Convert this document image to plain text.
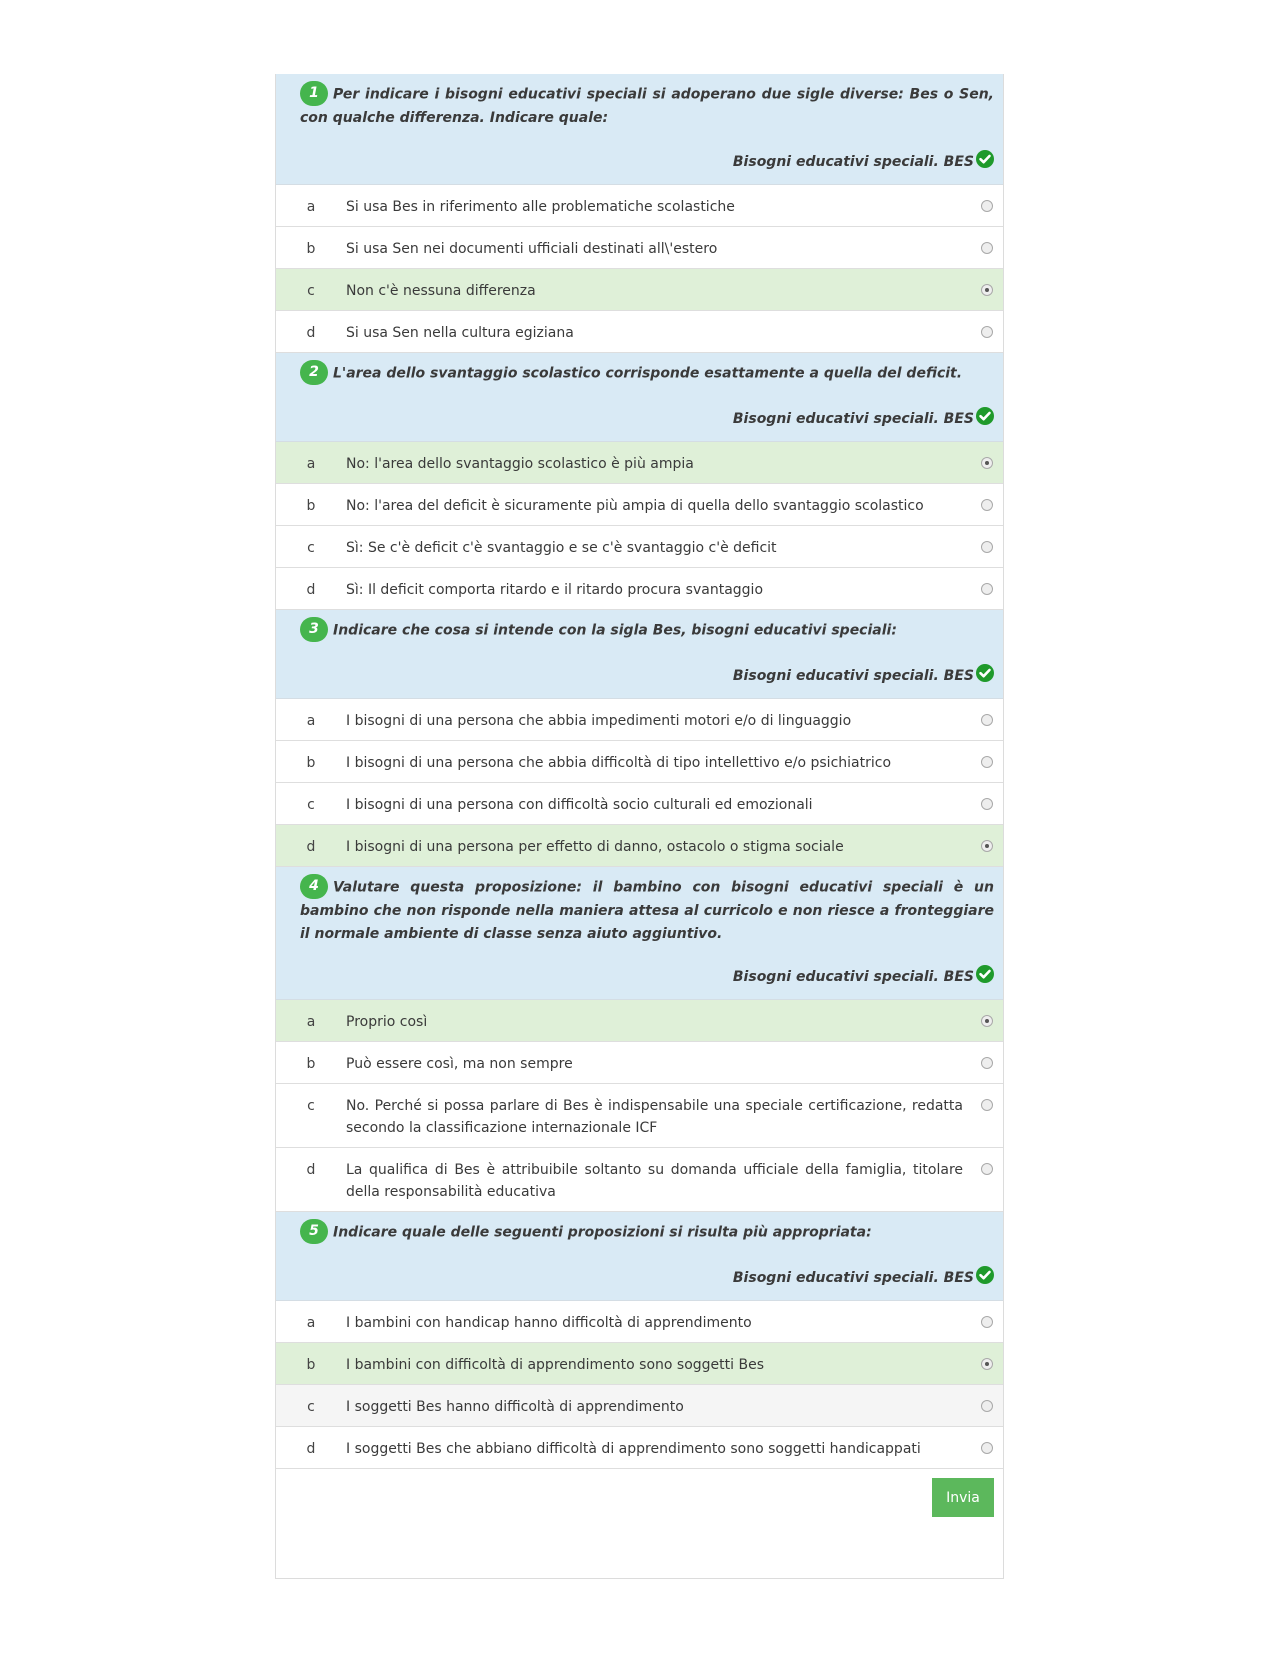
1 Per indicare i bisogni educativi speciali si adoperano due sigle diverse: Bes o Sen, con qualche differenza. Indicare quale:
Bisogni educativi speciali. BES
a	Si usa Bes in riferimento alle problematiche scolastiche
b	Si usa Sen nei documenti ufficiali destinati all\'estero
c	Non c'è nessuna differenza
d	Si usa Sen nella cultura egiziana
2 L'area dello svantaggio scolastico corrisponde esattamente a quella del deficit.
Bisogni educativi speciali. BES
a	No: l'area dello svantaggio scolastico è più ampia
b	No: l'area del deficit è sicuramente più ampia di quella dello svantaggio scolastico
c	Sì: Se c'è deficit c'è svantaggio e se c'è svantaggio c'è deficit
d	Sì: Il deficit comporta ritardo e il ritardo procura svantaggio
3 Indicare che cosa si intende con la sigla Bes, bisogni educativi speciali:
Bisogni educativi speciali. BES
a	I bisogni di una persona che abbia impedimenti motori e/o di linguaggio
b	I bisogni di una persona che abbia difficoltà di tipo intellettivo e/o psichiatrico
c	I bisogni di una persona con difficoltà socio culturali ed emozionali
d	I bisogni di una persona per effetto di danno, ostacolo o stigma sociale
4 Valutare questa proposizione: il bambino con bisogni educativi speciali è un bambino che non risponde nella maniera attesa al curricolo e non riesce a fronteggiare il normale ambiente di classe senza aiuto aggiuntivo.
Bisogni educativi speciali. BES
a	Proprio così
b	Può essere così, ma non sempre
c	No. Perché si possa parlare di Bes è indispensabile una speciale certificazione, redatta secondo la classificazione internazionale ICF
d	La qualifica di Bes è attribuibile soltanto su domanda ufficiale della famiglia, titolare della responsabilità educativa
5 Indicare quale delle seguenti proposizioni si risulta più appropriata:
Bisogni educativi speciali. BES
a	I bambini con handicap hanno difficoltà di apprendimento
b	I bambini con difficoltà di apprendimento sono soggetti Bes
c	I soggetti Bes hanno difficoltà di apprendimento
d	I soggetti Bes che abbiano difficoltà di apprendimento sono soggetti handicappati
Invia
